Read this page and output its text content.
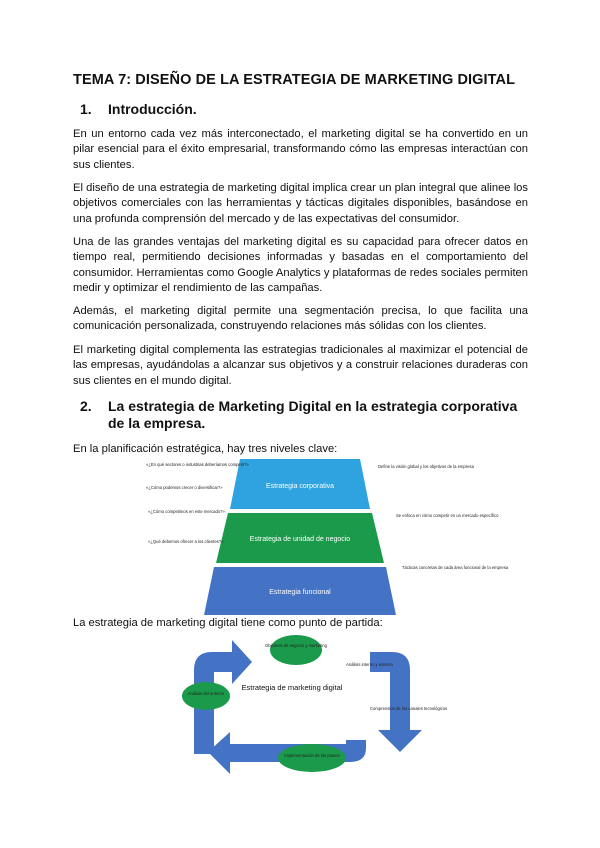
TEMA 7: DISEÑO DE LA ESTRATEGIA DE MARKETING DIGITAL
1. Introducción.

En un entorno cada vez más interconectado, el marketing digital se ha convertido en un pilar esencial para el éxito empresarial, transformando cómo las empresas interactúan con sus clientes.

El diseño de una estrategia de marketing digital implica crear un plan integral que alinee los objetivos comerciales con las herramientas y tácticas digitales disponibles, basándose en una profunda comprensión del mercado y de las expectativas del consumidor.

Una de las grandes ventajas del marketing digital es su capacidad para ofrecer datos en tiempo real, permitiendo decisiones informadas y basadas en el comportamiento del consumidor. Herramientas como Google Analytics y plataformas de redes sociales permiten medir y optimizar el rendimiento de las campañas.

Además, el marketing digital permite una segmentación precisa, lo que facilita una comunicación personalizada, construyendo relaciones más sólidas con los clientes.

El marketing digital complementa las estrategias tradicionales al maximizar el potencial de las empresas, ayudándolas a alcanzar sus objetivos y a construir relaciones duraderas con sus clientes en el mundo digital.

2. La estrategia de Marketing Digital en la estrategia corporativa de la empresa.
En la planificación estratégica, hay tres niveles clave:
Estrategia corporativa
Estrategia de unidad de negocio
Estrategia funcional
«¿En qué sectores o industrias deberíamos competir?»
«¿Cómo podemos crecer o diversificar?»
«¿Cómo competimos en este mercado?»
«¿Qué debemos ofrecer a los clientes?»
Define la visión global y los objetivos de la empresa
Se enfoca en cómo competir en un mercado específico
Tácticas concretas de cada área funcional de la empresa
La estrategia de marketing digital tiene como punto de partida:
Objetivos de negocio y marketing
Análisis del entorno
Comprensión de los canales tecnológicos
Implementación de los planes
Análisis interno y externo
Estrategia de marketing digital
